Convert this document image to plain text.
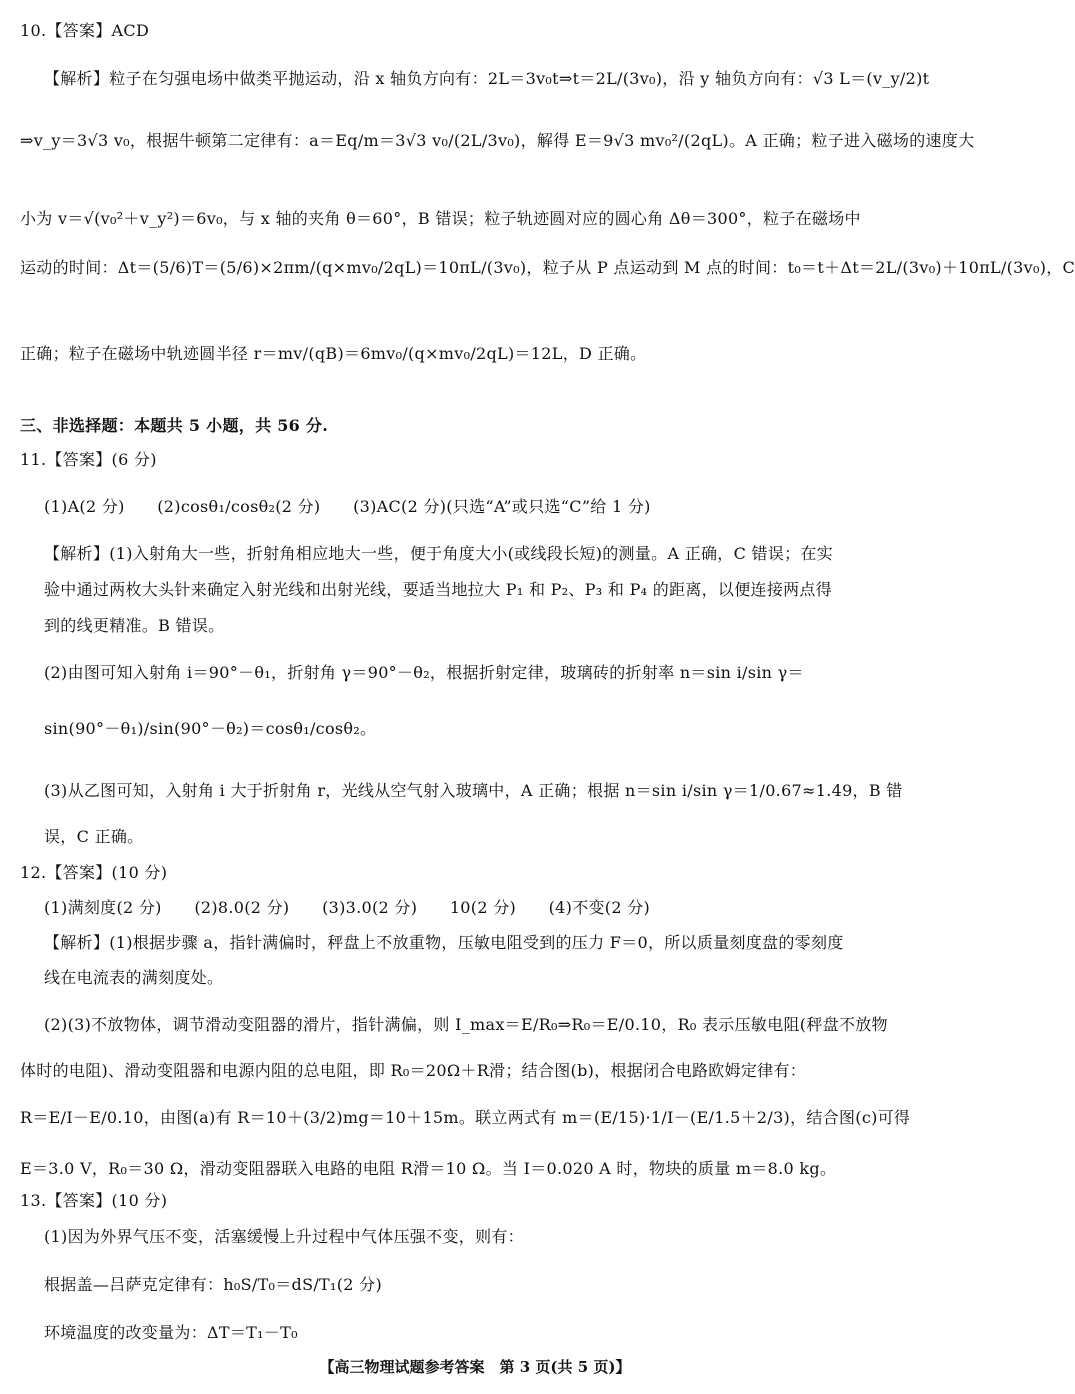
10.【答案】ACD
【解析】粒子在匀强电场中做类平抛运动，沿 x 轴负方向有：2L＝3v₀t⇒t＝2L/(3v₀)，沿 y 轴负方向有：√3 L＝(v_y/2)t
⇒v_y＝3√3 v₀，根据牛顿第二定律有：a＝Eq/m＝3√3 v₀/(2L/3v₀)，解得 E＝9√3 mv₀²/(2qL)。A 正确；粒子进入磁场的速度大
小为 v＝√(v₀²＋v_y²)＝6v₀，与 x 轴的夹角 θ＝60°，B 错误；粒子轨迹圆对应的圆心角 Δθ＝300°，粒子在磁场中
运动的时间：Δt＝(5/6)T＝(5/6)×2πm/(q×mv₀/2qL)＝10πL/(3v₀)，粒子从 P 点运动到 M 点的时间：t₀＝t＋Δt＝2L/(3v₀)＋10πL/(3v₀)，C
正确；粒子在磁场中轨迹圆半径 r＝mv/(qB)＝6mv₀/(q×mv₀/2qL)＝12L，D 正确。
三、非选择题：本题共 5 小题，共 56 分.
11.【答案】(6 分)
(1)A(2 分)　　(2)cosθ₁/cosθ₂(2 分)　　(3)AC(2 分)(只选“A”或只选“C”给 1 分)
【解析】(1)入射角大一些，折射角相应地大一些，便于角度大小(或线段长短)的测量。A 正确，C 错误；在实
验中通过两枚大头针来确定入射光线和出射光线，要适当地拉大 P₁ 和 P₂、P₃ 和 P₄ 的距离，以便连接两点得
到的线更精准。B 错误。
(2)由图可知入射角 i＝90°－θ₁，折射角 γ＝90°－θ₂，根据折射定律，玻璃砖的折射率 n＝sin i/sin γ＝
sin(90°－θ₁)/sin(90°－θ₂)＝cosθ₁/cosθ₂。
(3)从乙图可知，入射角 i 大于折射角 r，光线从空气射入玻璃中，A 正确；根据 n＝sin i/sin γ＝1/0.67≈1.49，B 错
误，C 正确。
12.【答案】(10 分)
(1)满刻度(2 分)　　(2)8.0(2 分)　　(3)3.0(2 分)　　10(2 分)　　(4)不变(2 分)
【解析】(1)根据步骤 a，指针满偏时，秤盘上不放重物，压敏电阻受到的压力 F＝0，所以质量刻度盘的零刻度
线在电流表的满刻度处。
(2)(3)不放物体，调节滑动变阻器的滑片，指针满偏，则 I_max＝E/R₀⇒R₀＝E/0.10，R₀ 表示压敏电阻(秤盘不放物
体时的电阻)、滑动变阻器和电源内阻的总电阻，即 R₀＝20Ω＋R滑；结合图(b)，根据闭合电路欧姆定律有：
R＝E/I－E/0.10，由图(a)有 R＝10＋(3/2)mg＝10＋15m。联立两式有 m＝(E/15)·1/I－(E/1.5＋2/3)，结合图(c)可得
E＝3.0 V，R₀＝30 Ω，滑动变阻器联入电路的电阻 R滑＝10 Ω。当 I＝0.020 A 时，物块的质量 m＝8.0 kg。
13.【答案】(10 分)
(1)因为外界气压不变，活塞缓慢上升过程中气体压强不变，则有：
根据盖—吕萨克定律有：h₀S/T₀＝dS/T₁(2 分)
环境温度的改变量为：ΔT＝T₁－T₀
【高三物理试题参考答案　第 3 页(共 5 页)】
